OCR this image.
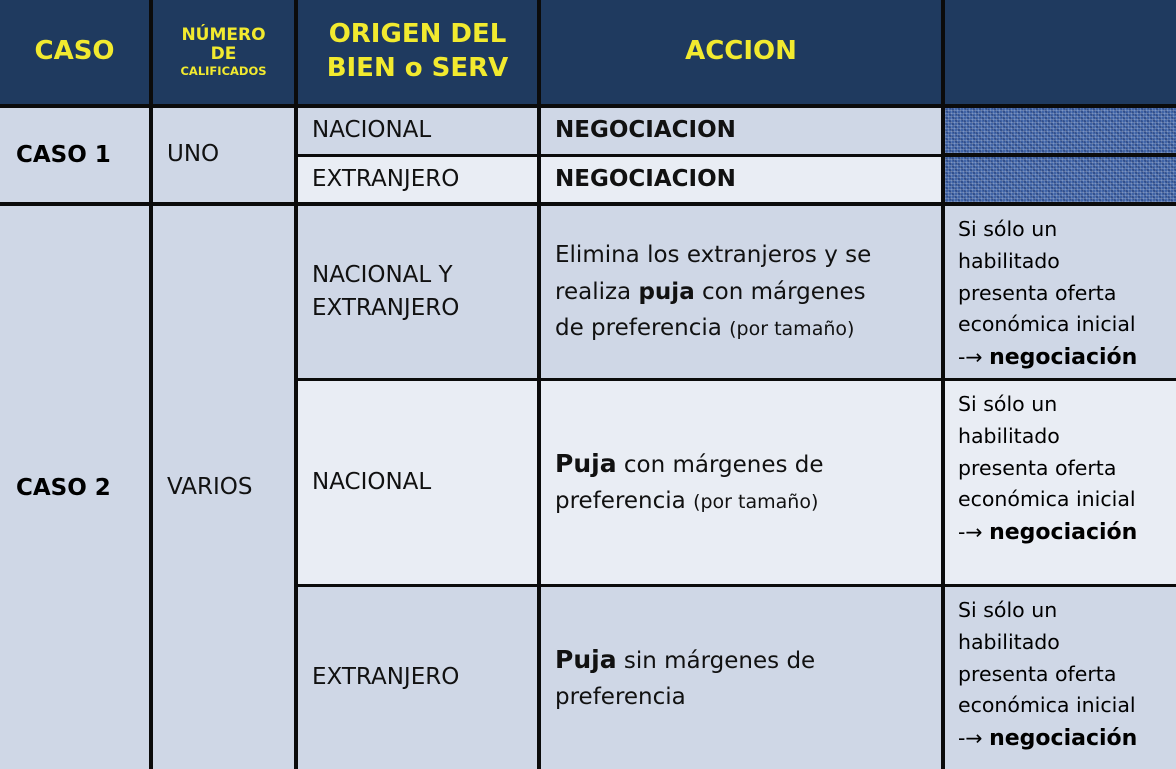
CASO
NÚMERO
DE
CALIFICADOS
ORIGEN DEL
BIEN o SERV
ACCION
CASO 1 UNO
NACIONAL	NEGOCIACION
EXTRANJERO	NEGOCIACION
CASO 2 VARIOS
NACIONAL Y
EXTRANJERO
Elimina los extranjeros y se
realiza puja con márgenes
de preferencia (por tamaño)
Si sólo un
habilitado
presenta oferta
económica inicial
-→ negociación
NACIONAL
Puja con márgenes de
preferencia (por tamaño)
Si sólo un
habilitado
presenta oferta
económica inicial
-→ negociación
EXTRANJERO
Puja sin márgenes de
preferencia
Si sólo un
habilitado
presenta oferta
económica inicial
-→ negociación
